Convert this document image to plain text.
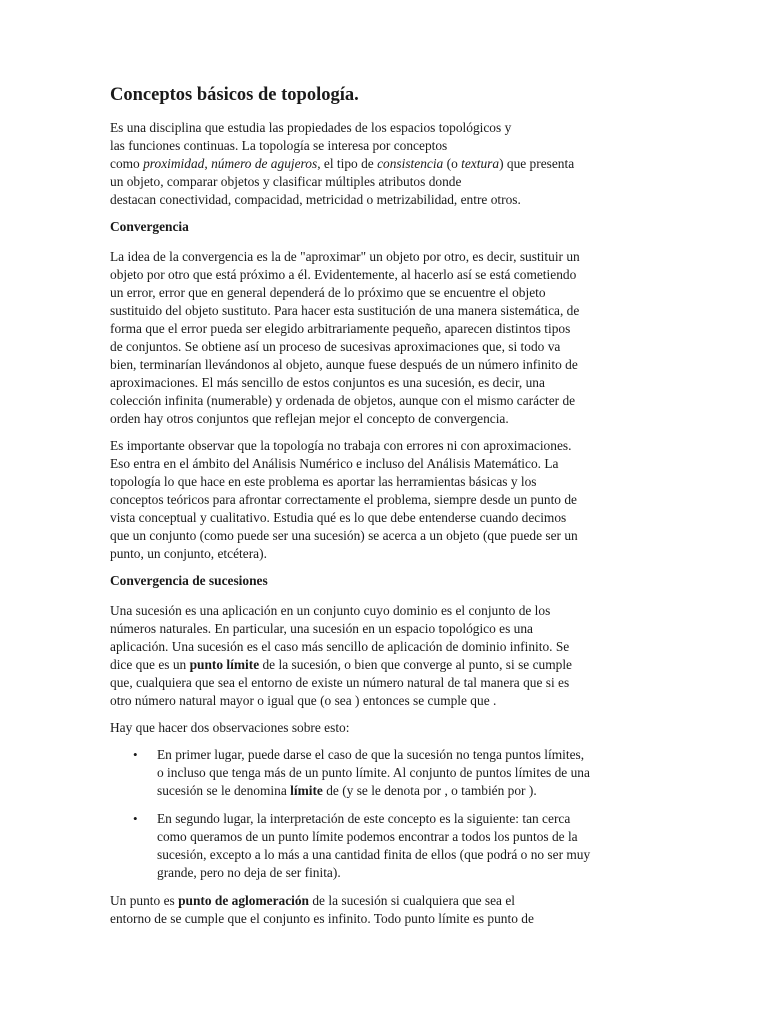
Conceptos básicos de topología.

Es una disciplina que estudia las propiedades de los espacios topológicos y
las funciones continuas. La topología se interesa por conceptos
como proximidad, número de agujeros, el tipo de consistencia (o textura) que presenta
un objeto, comparar objetos y clasificar múltiples atributos donde
destacan conectividad, compacidad, metricidad o metrizabilidad, entre otros.

Convergencia

La idea de la convergencia es la de "aproximar" un objeto por otro, es decir, sustituir un
objeto por otro que está próximo a él. Evidentemente, al hacerlo así se está cometiendo
un error, error que en general dependerá de lo próximo que se encuentre el objeto
sustituido del objeto sustituto. Para hacer esta sustitución de una manera sistemática, de
forma que el error pueda ser elegido arbitrariamente pequeño, aparecen distintos tipos
de conjuntos. Se obtiene así un proceso de sucesivas aproximaciones que, si todo va
bien, terminarían llevándonos al objeto, aunque fuese después de un número infinito de
aproximaciones. El más sencillo de estos conjuntos es una sucesión, es decir, una
colección infinita (numerable) y ordenada de objetos, aunque con el mismo carácter de
orden hay otros conjuntos que reflejan mejor el concepto de convergencia.

Es importante observar que la topología no trabaja con errores ni con aproximaciones.
Eso entra en el ámbito del Análisis Numérico e incluso del Análisis Matemático. La
topología lo que hace en este problema es aportar las herramientas básicas y los
conceptos teóricos para afrontar correctamente el problema, siempre desde un punto de
vista conceptual y cualitativo. Estudia qué es lo que debe entenderse cuando decimos
que un conjunto (como puede ser una sucesión) se acerca a un objeto (que puede ser un
punto, un conjunto, etcétera).

Convergencia de sucesiones

Una sucesión es una aplicación en un conjunto cuyo dominio es el conjunto de los
números naturales. En particular, una sucesión en un espacio topológico es una
aplicación. Una sucesión es el caso más sencillo de aplicación de dominio infinito. Se
dice que es un punto límite de la sucesión, o bien que converge al punto, si se cumple
que, cualquiera que sea el entorno de existe un número natural de tal manera que si es
otro número natural mayor o igual que (o sea ) entonces se cumple que .

Hay que hacer dos observaciones sobre esto:

• En primer lugar, puede darse el caso de que la sucesión no tenga puntos límites,
o incluso que tenga más de un punto límite. Al conjunto de puntos límites de una
sucesión se le denomina límite de (y se le denota por , o también por ).
• En segundo lugar, la interpretación de este concepto es la siguiente: tan cerca
como queramos de un punto límite podemos encontrar a todos los puntos de la
sucesión, excepto a lo más a una cantidad finita de ellos (que podrá o no ser muy
grande, pero no deja de ser finita).

Un punto es punto de aglomeración de la sucesión si cualquiera que sea el
entorno de se cumple que el conjunto es infinito. Todo punto límite es punto de
